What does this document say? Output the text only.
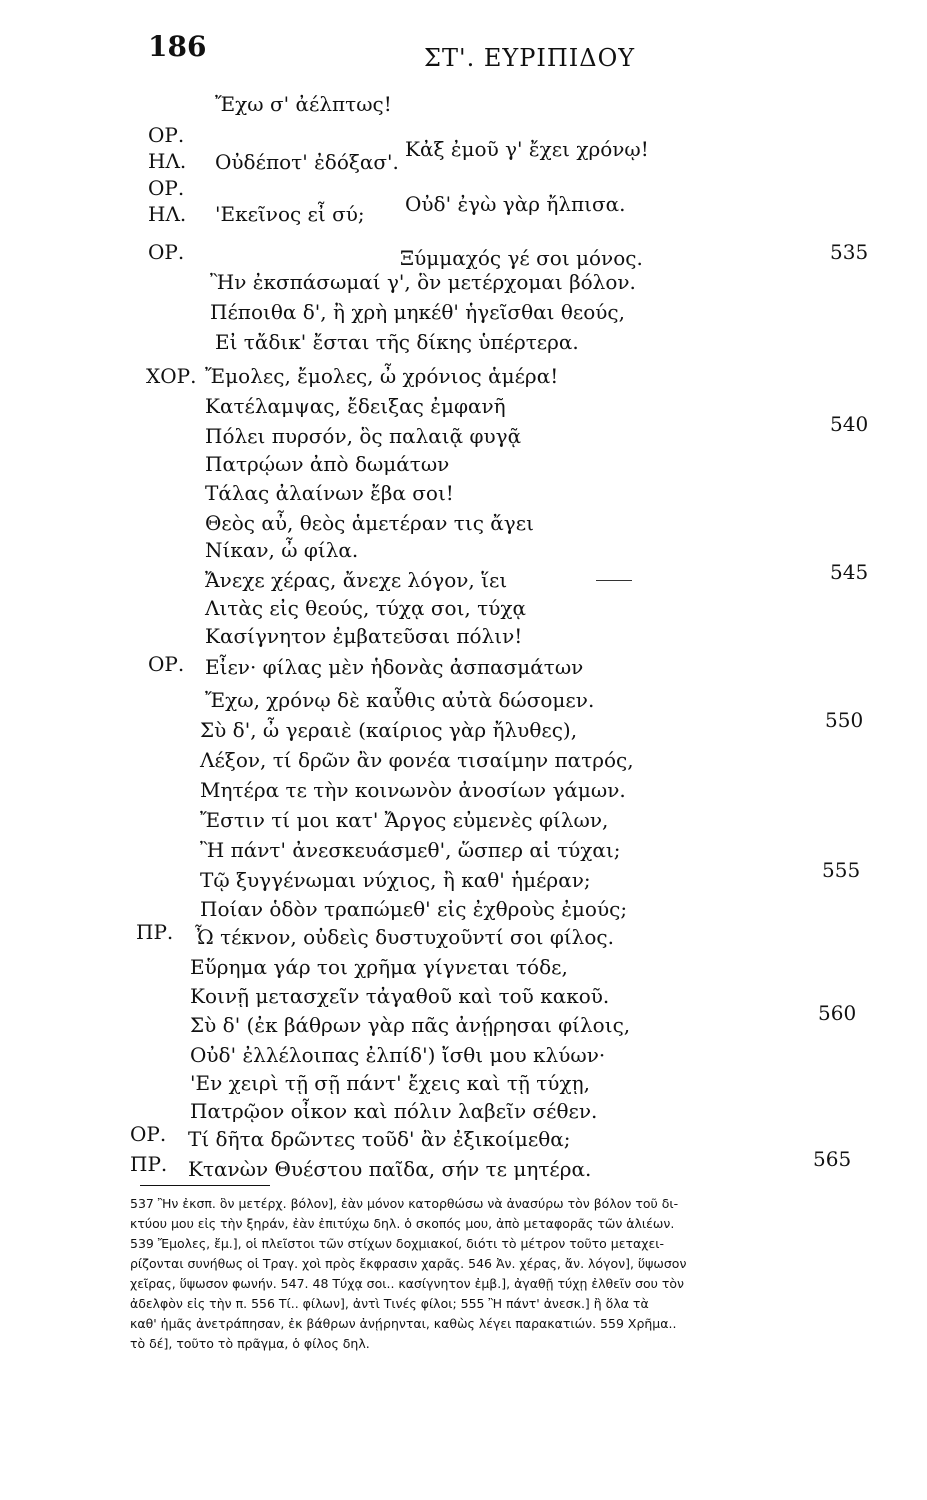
186	ΣΤ'. ΕΥΡΙΠΙΔΟΥ
Ἔχω σ' ἀέλπτως!
ΟΡ.
ΗΛ.
ΟΡ.
ΗΛ.
ΟΡ.
ΧΟΡ.
ΟΡ.
ΠΡ.
ΟΡ.
ΠΡ.
Κἀξ ἐμοῦ γ' ἔχει χρόνῳ!
Οὐδέποτ' ἐδόξασ'.
Οὐδ' ἐγὼ γὰρ ἤλπισα.
'Εκεῖνος εἶ σύ;
Ξύμμαχός γέ σοι μόνος.
Ἢν ἐκσπάσωμαί γ', ὃν μετέρχομαι βόλον.
Πέποιθα δ', ἢ χρὴ μηκέθ' ἡγεῖσθαι θεούς,
Εἰ τἄδικ' ἔσται τῆς δίκης ὑπέρτερα.
Ἔμολες, ἔμολες, ὦ χρόνιος ἁμέρα!
Κατέλαμψας, ἔδειξας ἐμφανῆ
Πόλει πυρσόν, ὃς παλαιᾷ φυγᾷ
Πατρῴων ἀπὸ δωμάτων
Τάλας ἀλαίνων ἔβα σοι!
Θεὸς αὖ, θεὸς ἁμετέραν τις ἄγει
Νίκαν, ὦ φίλα.
Ἄνεχε χέρας, ἄνεχε λόγον, ἵει
Λιτὰς εἰς θεούς, τύχᾳ σοι, τύχᾳ
Κασίγνητον ἐμβατεῦσαι πόλιν!
Εἶεν· φίλας μὲν ἡδονὰς ἀσπασμάτων
Ἔχω, χρόνῳ δὲ καὖθις αὐτὰ δώσομεν.
Σὺ δ', ὦ γεραιὲ (καίριος γὰρ ἤλυθες),
Λέξον, τί δρῶν ἂν φονέα τισαίμην πατρός,
Μητέρα τε τὴν κοινωνὸν ἀνοσίων γάμων.
Ἔστιν τί μοι κατ' Ἄργος εὐμενὲς φίλων,
Ἢ πάντ' ἀνεσκευάσμεθ', ὥσπερ αἱ τύχαι;
Τῷ ξυγγένωμαι νύχιος, ἢ καθ' ἡμέραν;
Ποίαν ὁδὸν τραπώμεθ' εἰς ἐχθροὺς ἐμούς;
Ὦ τέκνον, οὐδεὶς δυστυχοῦντί σοι φίλος.
Εὕρημα γάρ τοι χρῆμα γίγνεται τόδε,
Κοινῇ μετασχεῖν τἀγαθοῦ καὶ τοῦ κακοῦ.
Σὺ δ' (ἐκ βάθρων γὰρ πᾶς ἀνῄρησαι φίλοις,
Οὐδ' ἐλλέλοιπας ἐλπίδ') ἴσθι μου κλύων·
'Εν χειρὶ τῇ σῇ πάντ' ἔχεις καὶ τῇ τύχῃ,
Πατρῷον οἶκον καὶ πόλιν λαβεῖν σέθεν.
Τί δῆτα δρῶντες τοῦδ' ἂν ἐξικοίμεθα;
Κτανὼν Θυέστου παῖδα, σήν τε μητέρα.
535
540
545
550
555
560
565
537 Ἢν ἐκσπ. ὃν μετέρχ. βόλον], ἐὰν μόνον κατορθώσω νὰ ἀνασύρω τὸν βόλον τοῦ δι-
κτύου μου εἰς τὴν ξηράν, ἐὰν ἐπιτύχω δηλ. ὁ σκοπός μου, ἀπὸ μεταφορᾶς τῶν ἁλιέων.
539 Ἔμολες, ἔμ.], οἱ πλεῖστοι τῶν στίχων δοχμιακοί, διότι τὸ μέτρον τοῦτο μεταχει-
ρίζονται συνήθως οἱ Τραγ. χοὶ πρὸς ἔκφρασιν χαρᾶς. 546 Ἀν. χέρας, ἄν. λόγον], ὕψωσον
χεῖρας, ὕψωσον φωνήν. 547. 48 Τύχᾳ σοι.. κασίγνητον ἐμβ.], ἀγαθῇ τύχῃ ἐλθεῖν σου τὸν
ἀδελφὸν εἰς τὴν π. 556 Τί.. φίλων], ἀντὶ Τινές φίλοι; 555 Ἢ πάντ' ἀνεσκ.] ἢ ὅλα τὰ
καθ' ἡμᾶς ἀνετράπησαν, ἐκ βάθρων ἀνῄρηνται, καθὼς λέγει παρακατιών. 559 Χρῆμα..
τὸ δέ], τοῦτο τὸ πρᾶγμα, ὁ φίλος δηλ.
